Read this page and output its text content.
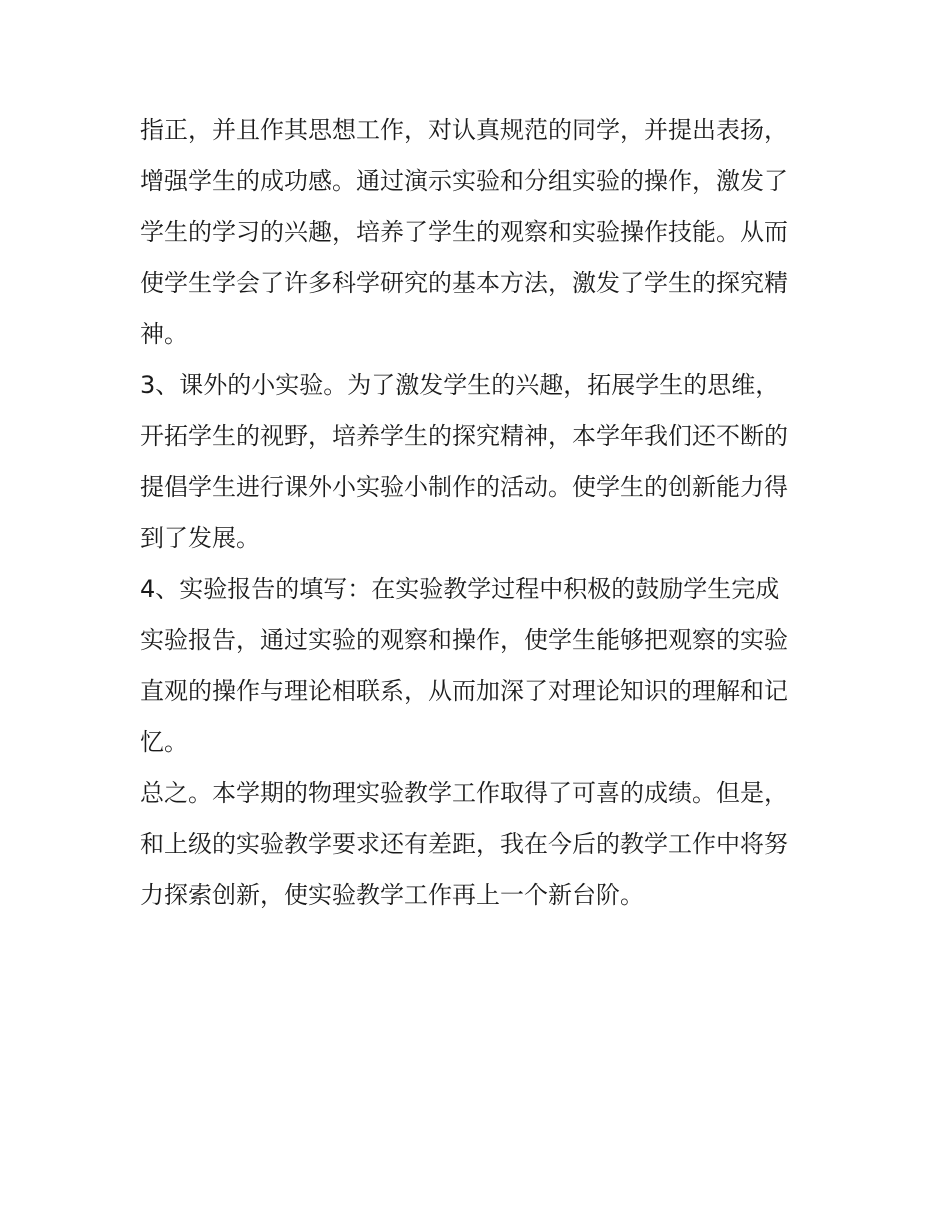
指正，并且作其思想工作，对认真规范的同学，并提出表扬，
增强学生的成功感。通过演示实验和分组实验的操作，激发了
学生的学习的兴趣，培养了学生的观察和实验操作技能。从而
使学生学会了许多科学研究的基本方法，激发了学生的探究精
神。
3、课外的小实验。为了激发学生的兴趣，拓展学生的思维，
开拓学生的视野，培养学生的探究精神，本学年我们还不断的
提倡学生进行课外小实验小制作的活动。使学生的创新能力得
到了发展。
4、实验报告的填写：在实验教学过程中积极的鼓励学生完成
实验报告，通过实验的观察和操作，使学生能够把观察的实验
直观的操作与理论相联系，从而加深了对理论知识的理解和记
忆。
总之。本学期的物理实验教学工作取得了可喜的成绩。但是，
和上级的实验教学要求还有差距，我在今后的教学工作中将努
力探索创新，使实验教学工作再上一个新台阶。
